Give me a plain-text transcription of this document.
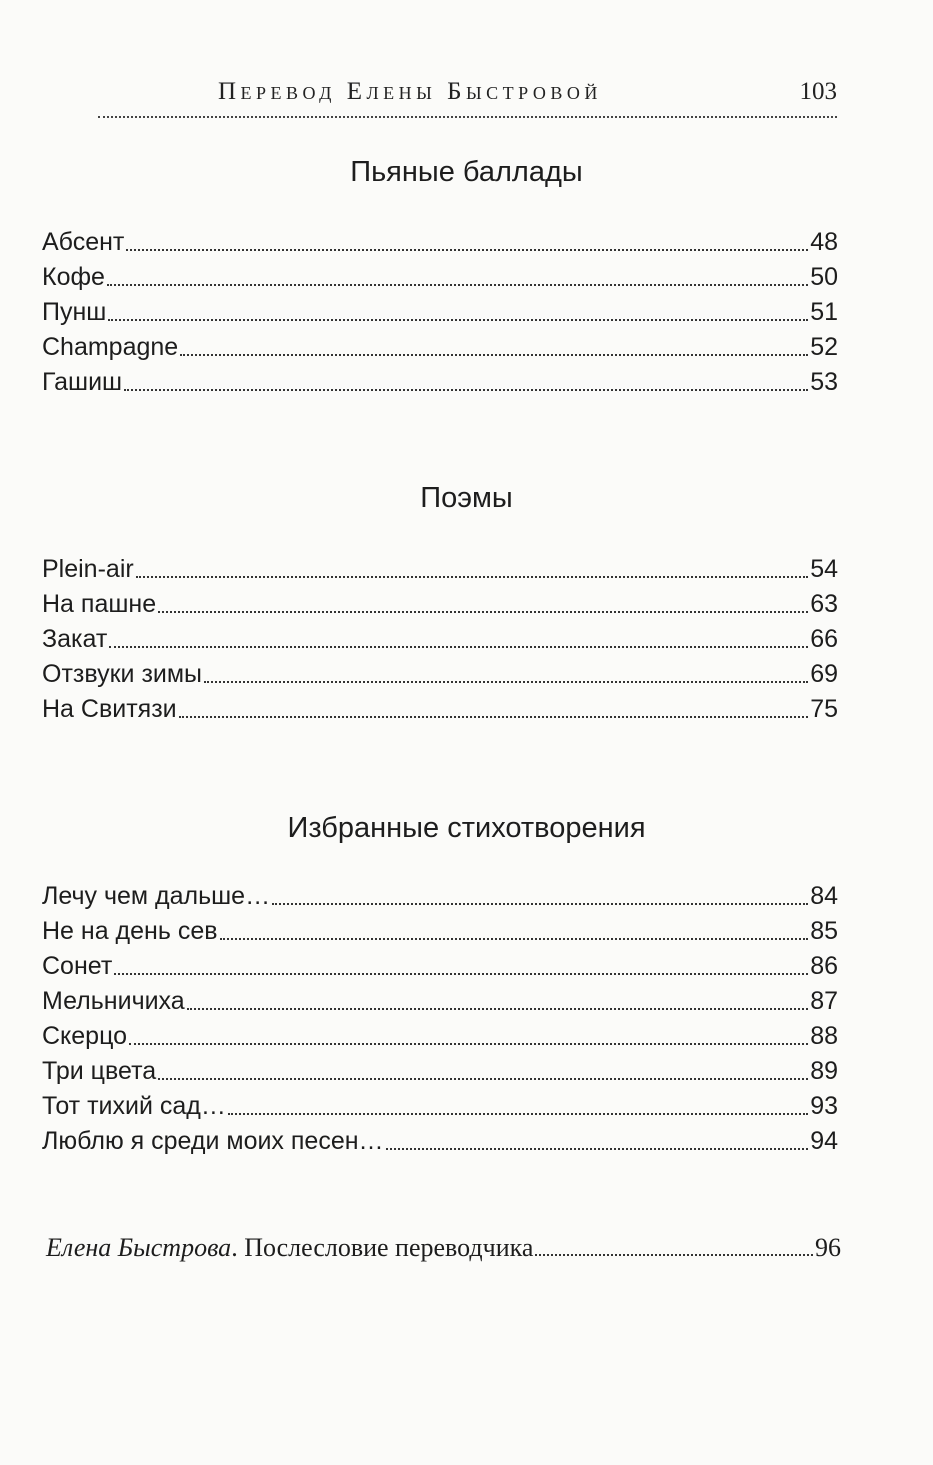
Перевод Елены Быстровой	103
Пьяные баллады
Абсент	48
Кофе	50
Пунш	51
Champagne	52
Гашиш	53
Поэмы
Plein-air	54
На пашне	63
Закат	66
Отзвуки зимы	69
На Свитязи	75
Избранные стихотворения
Лечу чем дальше…	84
Не на день сев	85
Сонет	86
Мельничиха	87
Скерцо	88
Три цвета	89
Тот тихий сад…	93
Люблю я среди моих песен…	94
Елена Быстрова. Послесловие переводчика	96
